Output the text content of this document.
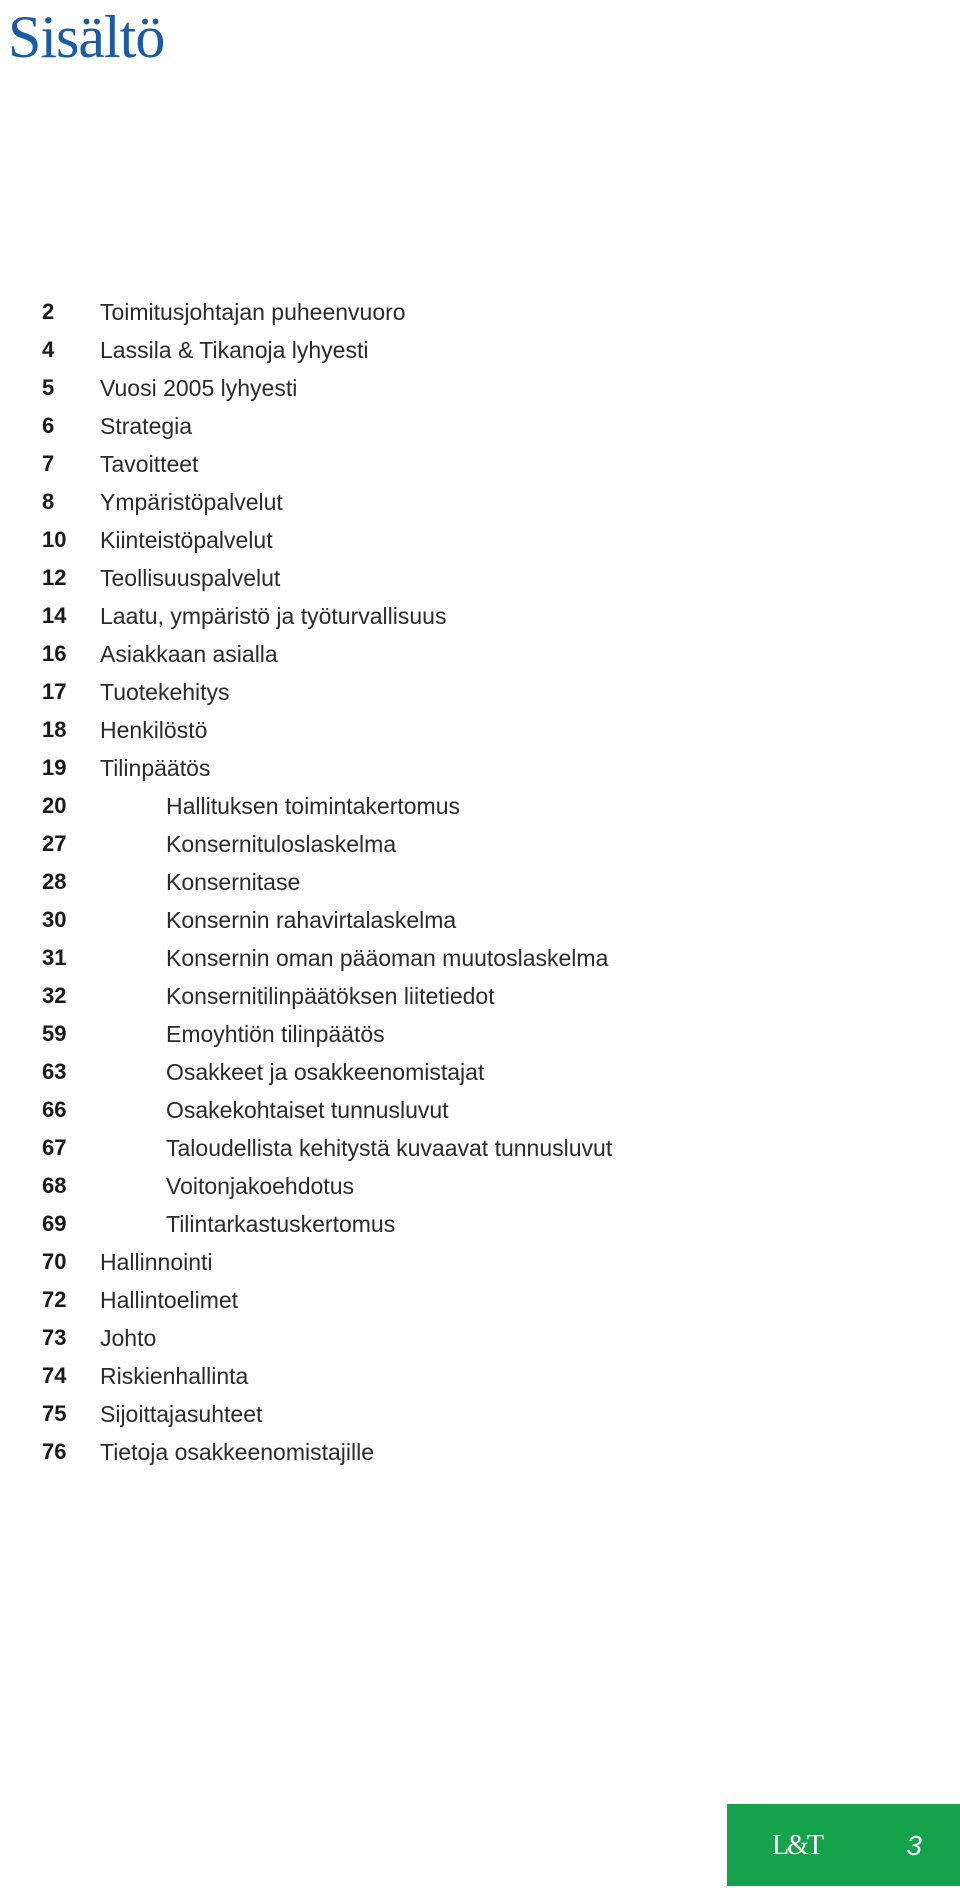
Sisältö
2 Toimitusjohtajan puheenvuoro
4 Lassila & Tikanoja lyhyesti
5 Vuosi 2005 lyhyesti
6 Strategia
7 Tavoitteet
8 Ympäristöpalvelut
10 Kiinteistöpalvelut
12 Teollisuuspalvelut
14 Laatu, ympäristö ja työturvallisuus
16 Asiakkaan asialla
17 Tuotekehitys
18 Henkilöstö
19 Tilinpäätös
20	Hallituksen toimintakertomus
27	Konsernituloslaskelma
28	Konsernitase
30	Konsernin rahavirtalaskelma
31	Konsernin oman pääoman muutoslaskelma
32	Konsernitilinpäätöksen liitetiedot
59	Emoyhtiön tilinpäätös
63	Osakkeet ja osakkeenomistajat
66	Osakekohtaiset tunnusluvut
67	Taloudellista kehitystä kuvaavat tunnusluvut
68	Voitonjakoehdotus
69	Tilintarkastuskertomus
70 Hallinnointi
72 Hallintoelimet
73 Johto
74 Riskienhallinta
75 Sijoittajasuhteet
76 Tietoja osakkeenomistajille
L&T	3
